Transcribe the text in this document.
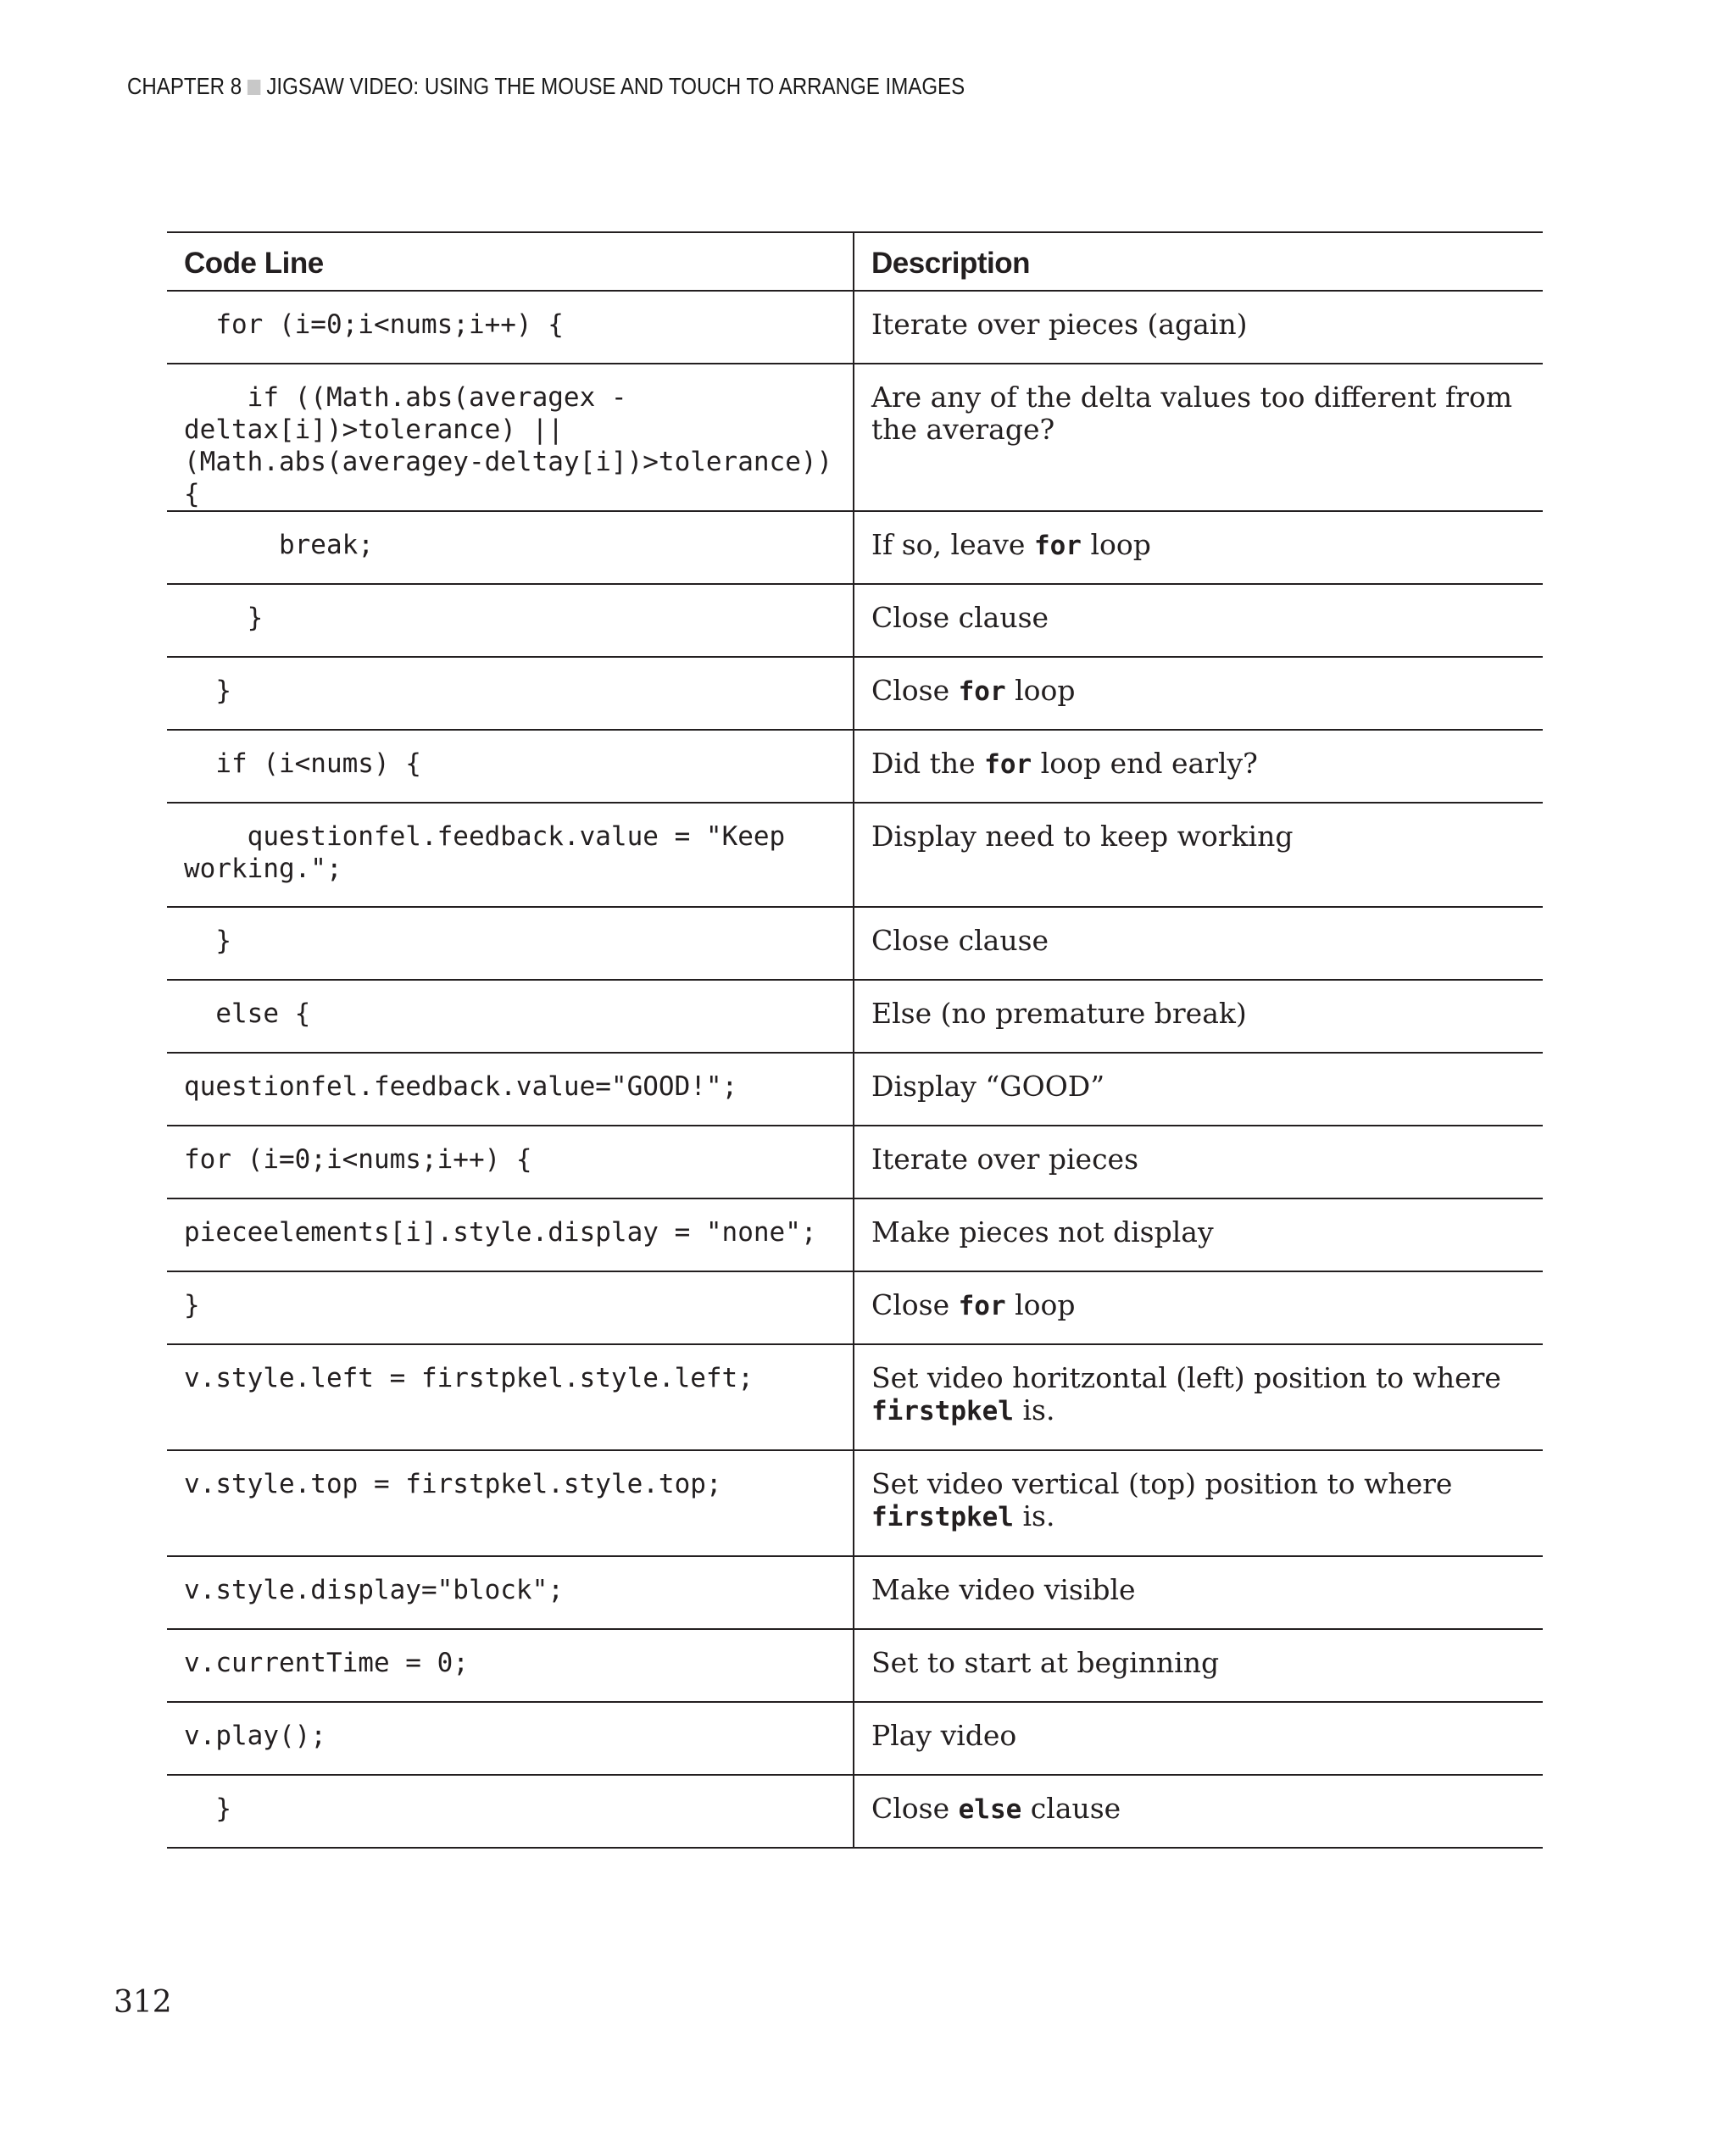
CHAPTER 8 JIGSAW VIDEO: USING THE MOUSE AND TOUCH TO ARRANGE IMAGES
Code Line	Description
for (i=0;i<nums;i++) {	Iterate over pieces (again)
if ((Math.abs(averagex - deltax[i])>tolerance) || (Math.abs(averagey-deltay[i])>tolerance)) {	Are any of the delta values too different from the average?
break;	If so, leave for loop
}	Close clause
}	Close for loop
if (i<nums) {	Did the for loop end early?
questionfel.feedback.value = "Keep working.";	Display need to keep working
}	Close clause
else {	Else (no premature break)
questionfel.feedback.value="GOOD!";	Display “GOOD”
for (i=0;i<nums;i++) {	Iterate over pieces
pieceelements[i].style.display = "none";	Make pieces not display
}	Close for loop
v.style.left = firstpkel.style.left;	Set video horitzontal (left) position to where firstpkel is.
v.style.top = firstpkel.style.top;	Set video vertical (top) position to where firstpkel is.
v.style.display="block";	Make video visible
v.currentTime = 0;	Set to start at beginning
v.play();	Play video
}	Close else clause
312
